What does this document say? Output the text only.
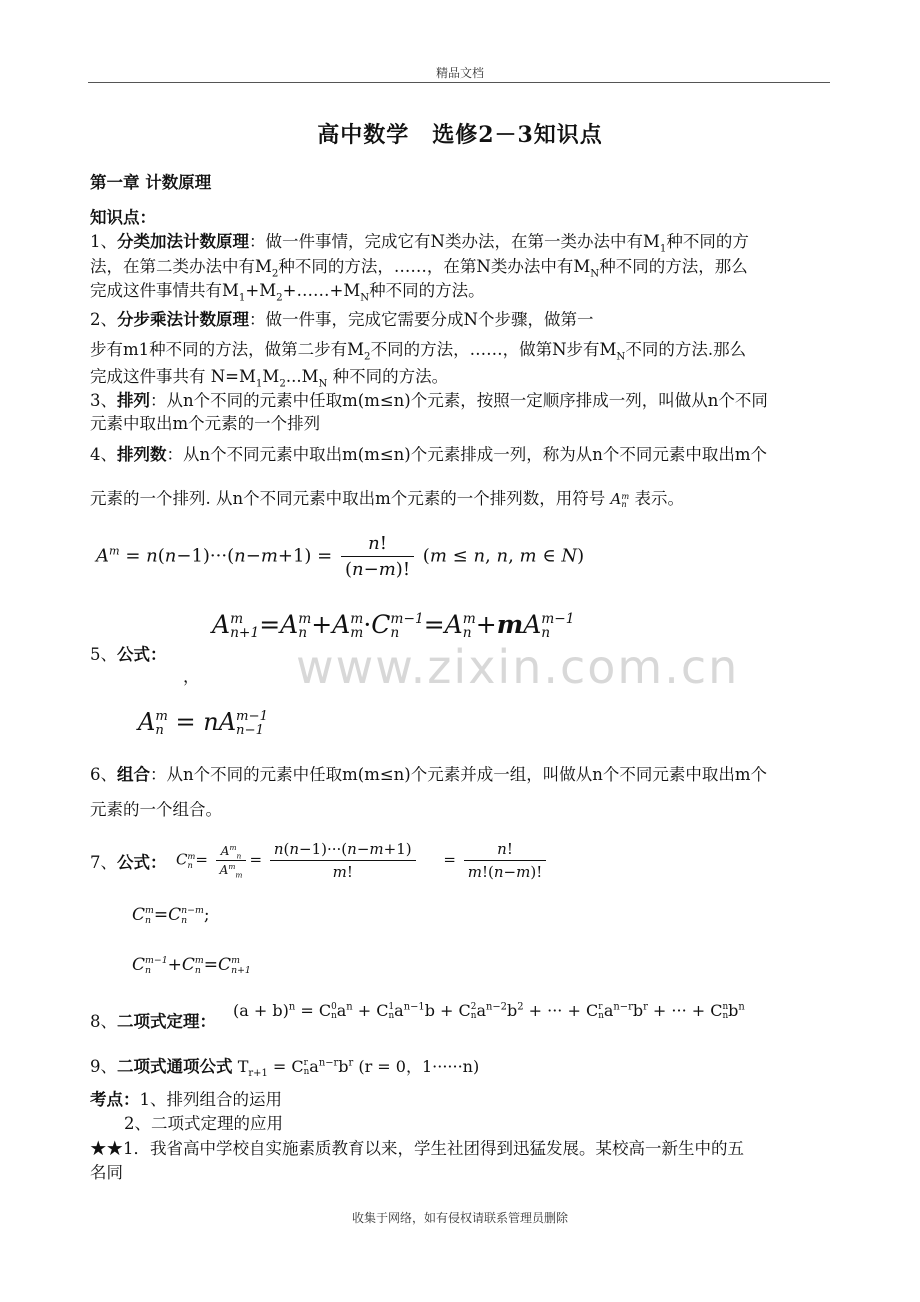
精品文档
高中数学　选修2－3知识点
第一章 计数原理
知识点：
1、分类加法计数原理：做一件事情，完成它有N类办法，在第一类办法中有$M_1$种不同的方
法，在第二类办法中有$M_2$种不同的方法，……，在第N类办法中有$M_N$种不同的方法，那么
完成这件事情共有$M_1+M_2+\dots\dots+M_N$种不同的方法。
2、分步乘法计数原理：做一件事，完成它需要分成N个步骤，做第一
步有m1种不同的方法，做第二步有$M_2$不同的方法，……，做第N步有$M_N$不同的方法.那么
完成这件事共有 $N=M_1M_2...M_N$ 种不同的方法。
3、排列：从n个不同的元素中任取m(m≤n)个元素，按照一定顺序排成一列，叫做从n个不同
元素中取出m个元素的一个排列
4、排列数：从n个不同元素中取出m(m≤n)个元素排成一列，称为从n个不同元素中取出m个
元素的一个排列. 从n个不同元素中取出m个元素的一个排列数，用符号 A m
n 表示。
$A^m = n(n-1)\cdot\cdot\cdot(n-m+1) = \frac{n!}{(n-m)!} (m \le n$, n, m ∈ N)
A m
n+1 =A m
n +A m
m ·C m−1
n =A m
n +mA m−1
n
5、公式：
，
A m
n = nA m−1
n−1
6、组合：从n个不同的元素中任取m(m≤n)个元素并成一组，叫做从n个不同元素中取出m个
元素的一个组合。
7、公式： C m
$n = \frac{A^m_n}{A^m_m} = \frac{n(n-1)\cdot\cdot\cdot(n-m+1)}{m!} = \frac{n!}{m!(n-m)!}$
C m
n =C n−m
n ;
C m−1
n +C m
n =C m
n+1
8、二项式定理：
$(a + b)^n = C$ 0
n $a^n + C$ 1
n $a^{n-1}b + C$ 2
n $a^{n-2}b^2$ + ··· + C r
n $a^{n-r}b^r$ + ··· + C n
n $b^n$
9、二项式通项公式 $T_{r+1} = C$ r
n $a^{n-r}b^r$ (r = 0，1······n)
考点：1、排列组合的运用
2、二项式定理的应用
★★1．我省高中学校自实施素质教育以来，学生社团得到迅猛发展。某校高一新生中的五
名同
www.zixin.com.cn
收集于网络，如有侵权请联系管理员删除
